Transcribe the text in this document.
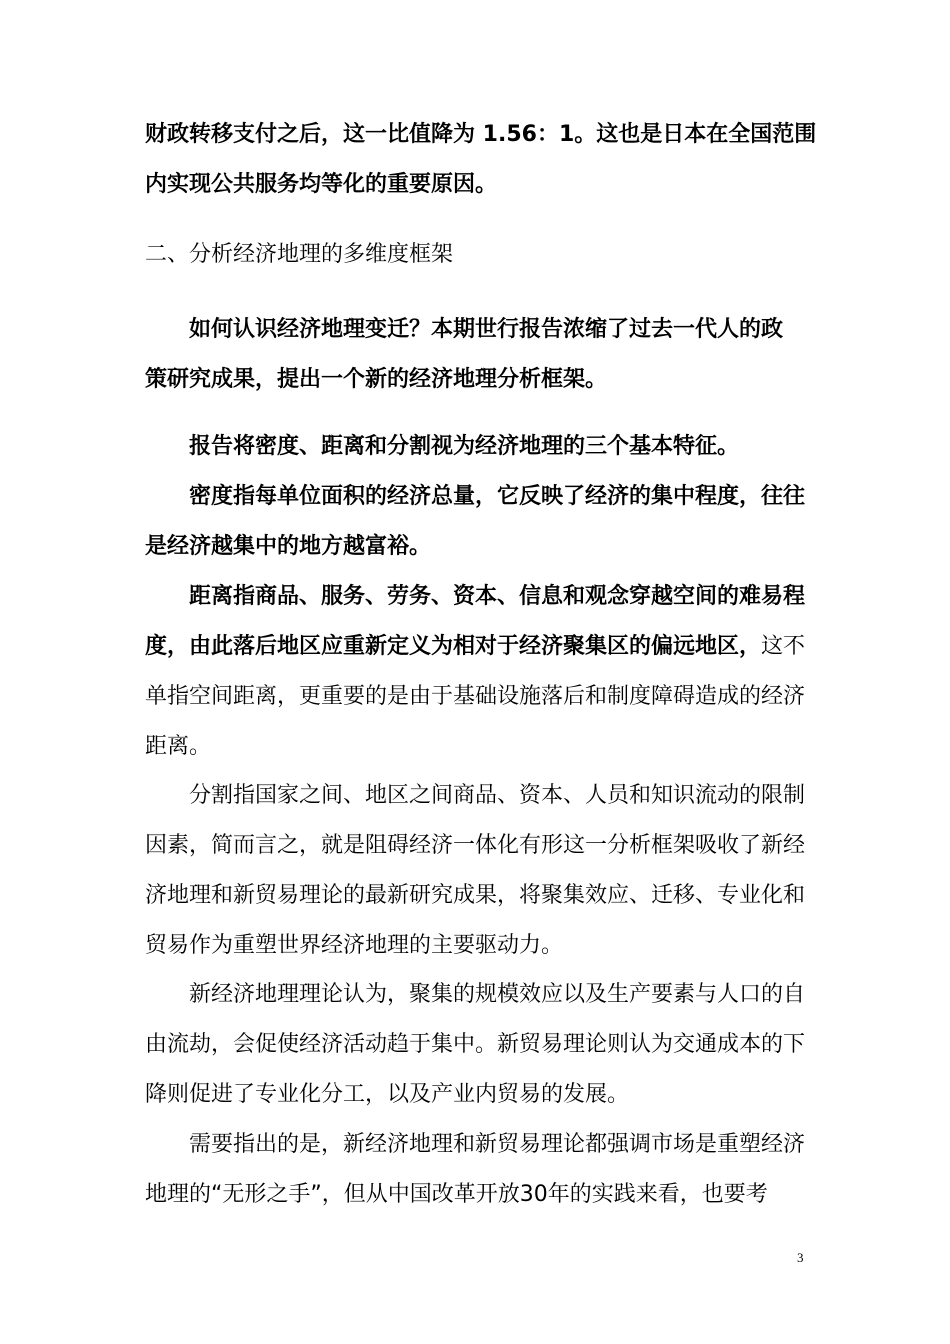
财政转移支付之后，这一比值降为 1.56：1。这也是日本在全国范围
内实现公共服务均等化的重要原因。
二、分析经济地理的多维度框架
如何认识经济地理变迁？本期世行报告浓缩了过去一代人的政
策研究成果，提出一个新的经济地理分析框架。
报告将密度、距离和分割视为经济地理的三个基本特征。
密度指每单位面积的经济总量，它反映了经济的集中程度，往往
是经济越集中的地方越富裕。
距离指商品、服务、劳务、资本、信息和观念穿越空间的难易程
度，由此落后地区应重新定义为相对于经济聚集区的偏远地区，这不
单指空间距离，更重要的是由于基础设施落后和制度障碍造成的经济
距离。
分割指国家之间、地区之间商品、资本、人员和知识流动的限制
因素，简而言之，就是阻碍经济一体化有形这一分析框架吸收了新经
济地理和新贸易理论的最新研究成果，将聚集效应、迁移、专业化和
贸易作为重塑世界经济地理的主要驱动力。
新经济地理理论认为，聚集的规模效应以及生产要素与人口的自
由流劫，会促使经济活动趋于集中。新贸易理论则认为交通成本的下
降则促进了专业化分工，以及产业内贸易的发展。
需要指出的是，新经济地理和新贸易理论都强调市场是重塑经济
地理的“无形之手”，但从中国改革开放30年的实践来看，也要考
3
